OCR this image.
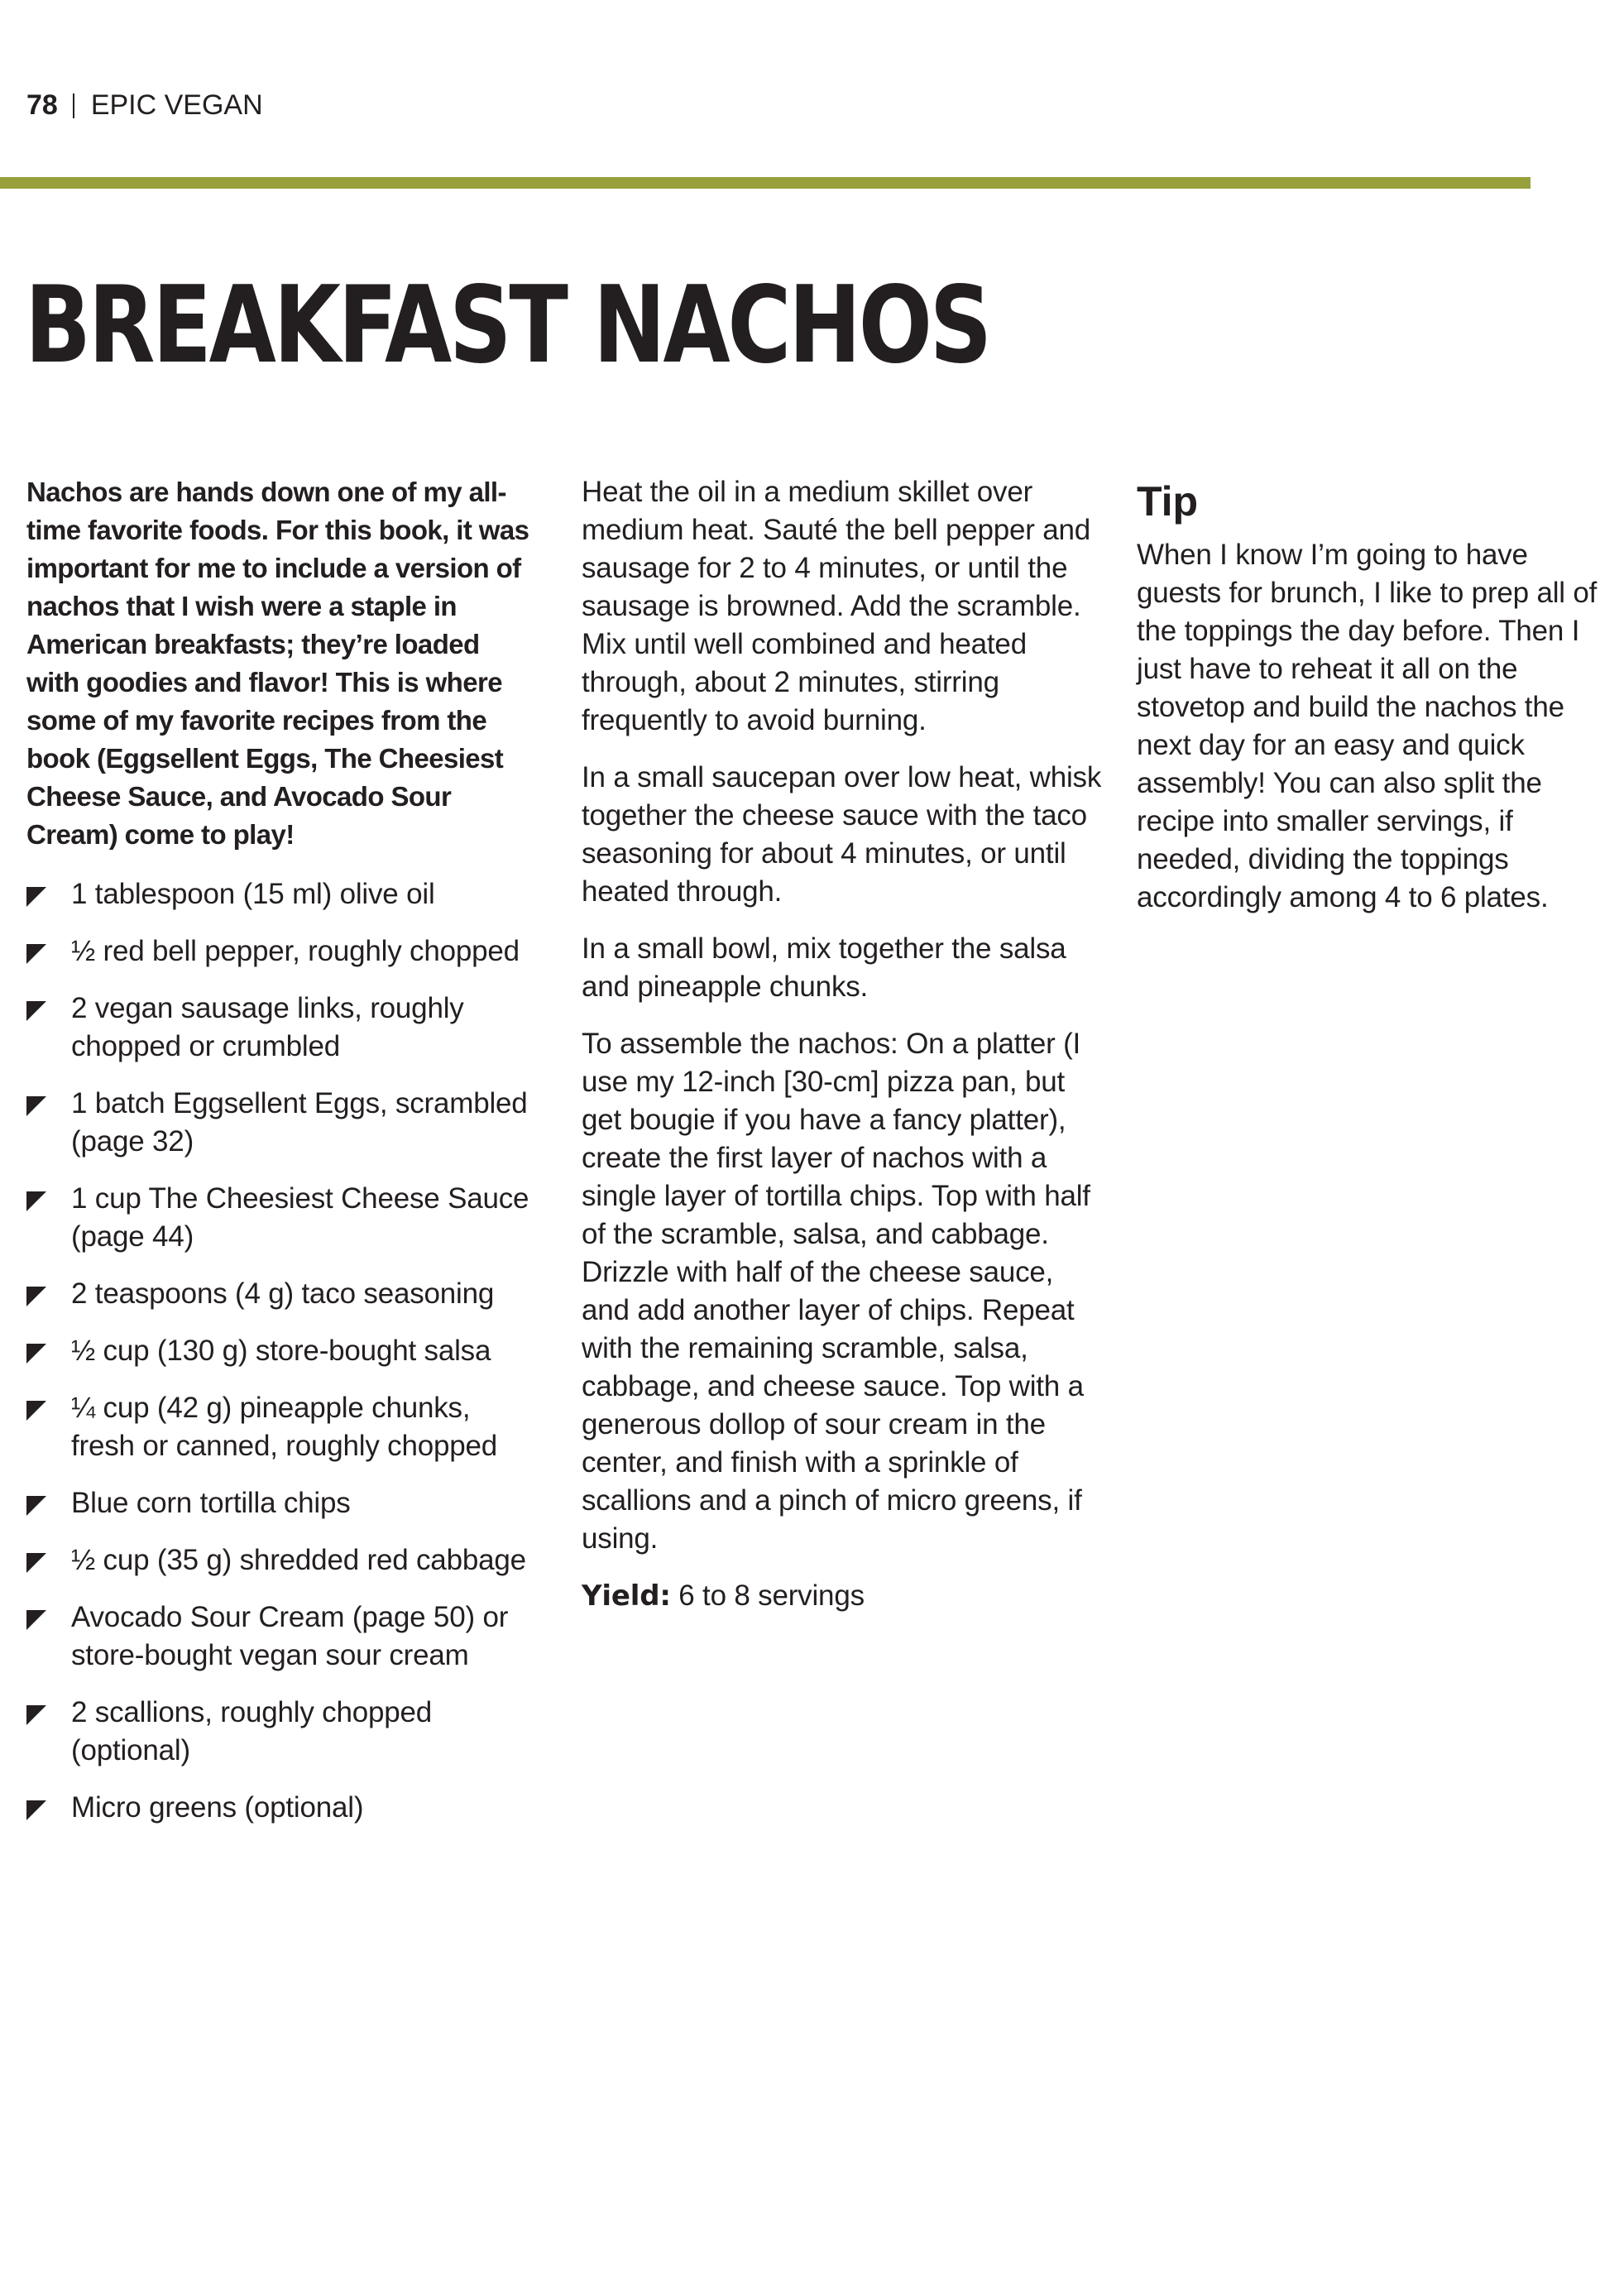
78 EPIC VEGAN
BREAKFAST NACHOS

Nachos are hands down one of my all-time favorite foods. For this book, it was important for me to include a version of nachos that I wish were a staple in American breakfasts; they’re loaded with goodies and flavor! This is where some of my favorite recipes from the book (Eggsellent Eggs, The Cheesiest Cheese Sauce, and Avocado Sour Cream) come to play!

1 tablespoon (15 ml) olive oil
½ red bell pepper, roughly chopped
2 vegan sausage links, roughly chopped or crumbled
1 batch Eggsellent Eggs, scrambled (page 32)
1 cup The Cheesiest Cheese Sauce (page 44)
2 teaspoons (4 g) taco seasoning
½ cup (130 g) store-bought salsa
¼ cup (42 g) pineapple chunks, fresh or canned, roughly chopped
Blue corn tortilla chips
½ cup (35 g) shredded red cabbage
Avocado Sour Cream (page 50) or store-bought vegan sour cream
2 scallions, roughly chopped (optional)
Micro greens (optional)

Heat the oil in a medium skillet over medium heat. Sauté the bell pepper and sausage for 2 to 4 minutes, or until the sausage is browned. Add the scramble. Mix until well combined and heated through, about 2 minutes, stirring frequently to avoid burning.

In a small saucepan over low heat, whisk together the cheese sauce with the taco seasoning for about 4 minutes, or until heated through.

In a small bowl, mix together the salsa and pineapple chunks.

To assemble the nachos: On a platter (I use my 12-inch [30-cm] pizza pan, but get bougie if you have a fancy platter), create the first layer of nachos with a single layer of tortilla chips. Top with half of the scramble, salsa, and cabbage. Drizzle with half of the cheese sauce, and add another layer of chips. Repeat with the remaining scramble, salsa, cabbage, and cheese sauce. Top with a generous dollop of sour cream in the center, and finish with a sprinkle of scallions and a pinch of micro greens, if using.

Yield: 6 to 8 servings

Tip

When I know I’m going to have guests for brunch, I like to prep all of the toppings the day before. Then I just have to reheat it all on the stovetop and build the nachos the next day for an easy and quick assembly! You can also split the recipe into smaller servings, if needed, dividing the toppings accordingly among 4 to 6 plates.
